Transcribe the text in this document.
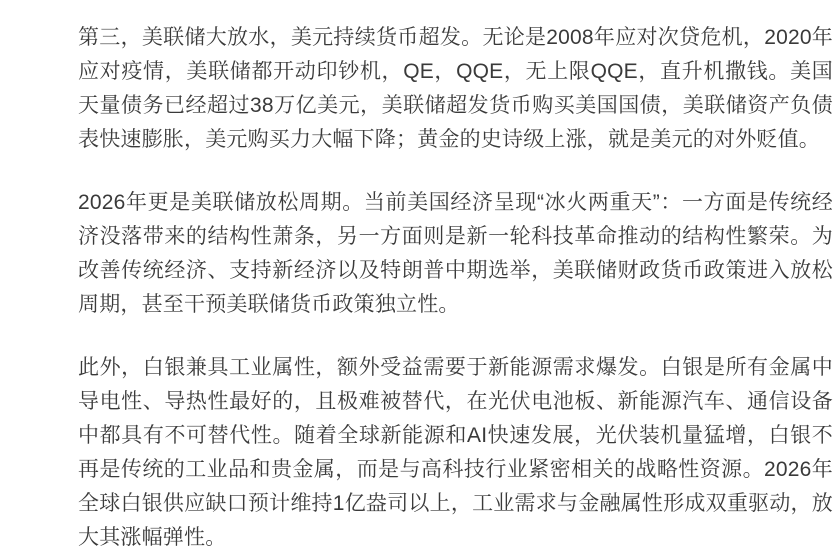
第三，美联储大放水，美元持续货币超发。无论是2008年应对次贷危机，2020年应对疫情，美联储都开动印钞机，QE，QQE，无上限QQE，直升机撒钱。美国天量债务已经超过38万亿美元，美联储超发货币购买美国国债，美联储资产负债表快速膨胀，美元购买力大幅下降；黄金的史诗级上涨，就是美元的对外贬值。

2026年更是美联储放松周期。当前美国经济呈现“冰火两重天”：一方面是传统经济没落带来的结构性萧条，另一方面则是新一轮科技革命推动的结构性繁荣。为改善传统经济、支持新经济以及特朗普中期选举，美联储财政货币政策进入放松周期，甚至干预美联储货币政策独立性。

此外，白银兼具工业属性，额外受益需要于新能源需求爆发。白银是所有金属中导电性、导热性最好的，且极难被替代，在光伏电池板、新能源汽车、通信设备中都具有不可替代性。随着全球新能源和AI快速发展，光伏装机量猛增，白银不再是传统的工业品和贵金属，而是与高科技行业紧密相关的战略性资源。2026年全球白银供应缺口预计维持1亿盎司以上，工业需求与金融属性形成双重驱动，放大其涨幅弹性。
